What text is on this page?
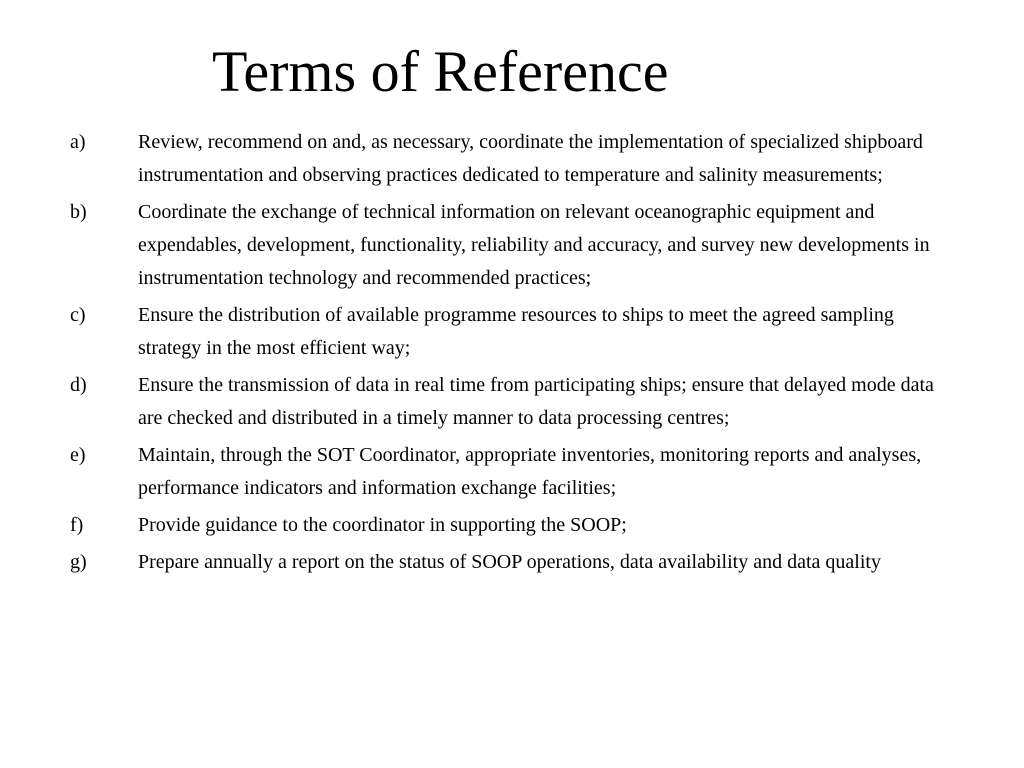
Terms of Reference
a)	Review, recommend on and, as necessary, coordinate the implementation of specialized shipboard instrumentation and observing practices dedicated to temperature and salinity measurements;
b)	Coordinate the exchange of technical information on relevant oceanographic equipment and expendables, development, functionality, reliability and accuracy, and survey new developments in instrumentation technology and recommended practices;
c)	Ensure the distribution of available programme resources to ships to meet the agreed sampling strategy in the most efficient way;
d)	Ensure the transmission of data in real time from participating ships; ensure that delayed mode data are checked and distributed in a timely manner to data processing centres;
e)	Maintain, through the SOT Coordinator, appropriate inventories, monitoring reports and analyses, performance indicators and information exchange facilities;
f)	Provide guidance to the coordinator in supporting the SOOP;
g)	Prepare annually a report on the status of SOOP operations, data availability and data quality
